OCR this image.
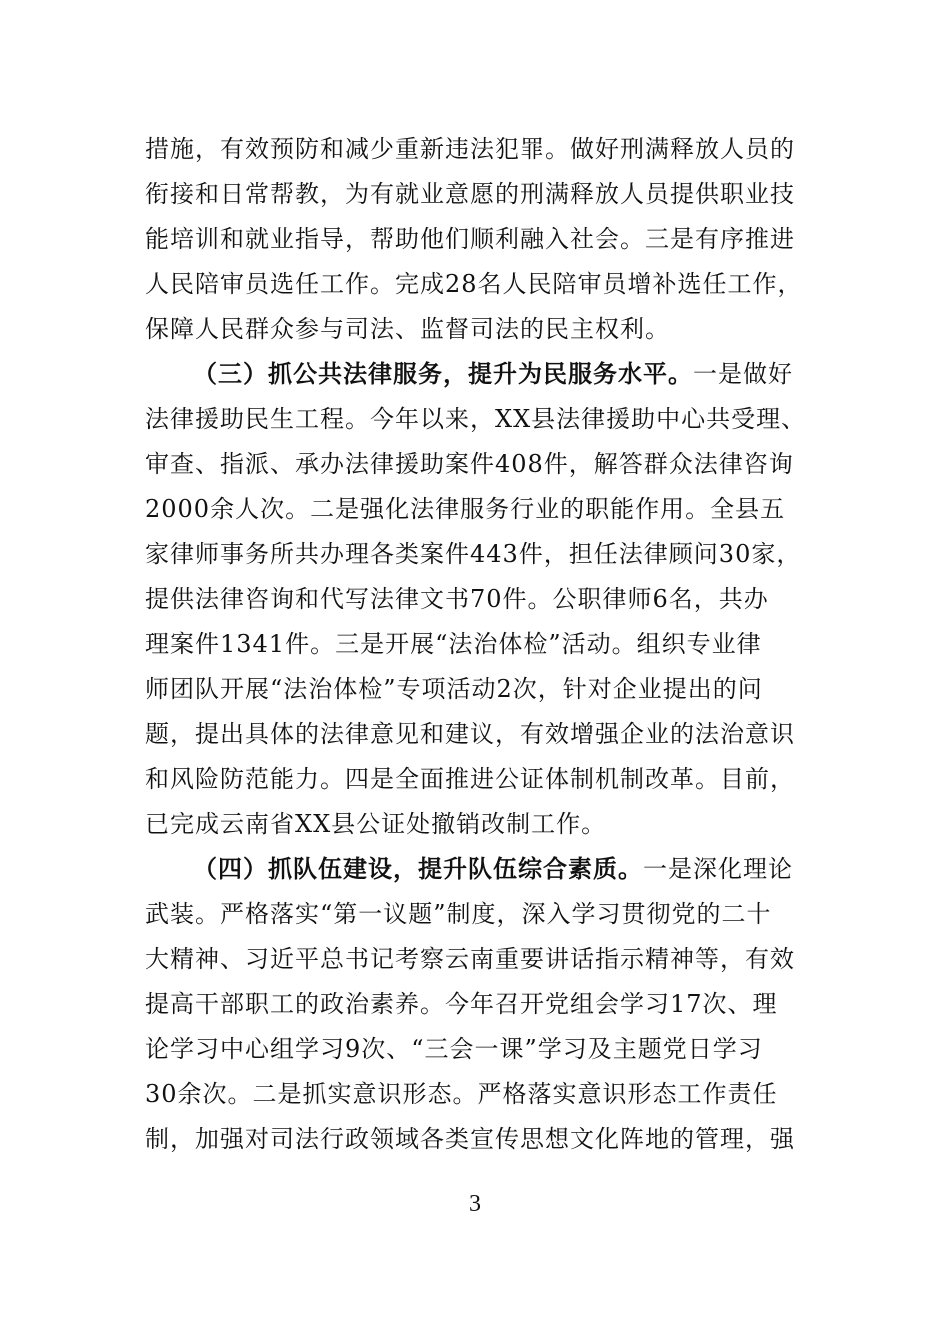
措施，有效预防和减少重新违法犯罪。做好刑满释放人员的
衔接和日常帮教，为有就业意愿的刑满释放人员提供职业技
能培训和就业指导，帮助他们顺利融入社会。三是有序推进
人民陪审员选任工作。完成28名人民陪审员增补选任工作，
保障人民群众参与司法、监督司法的民主权利。
（三）抓公共法律服务，提升为民服务水平。一是做好
法律援助民生工程。今年以来，XX县法律援助中心共受理、
审查、指派、承办法律援助案件408件，解答群众法律咨询
2000余人次。二是强化法律服务行业的职能作用。全县五
家律师事务所共办理各类案件443件，担任法律顾问30家，
提供法律咨询和代写法律文书70件。公职律师6名，共办
理案件1341件。三是开展“法治体检”活动。组织专业律
师团队开展“法治体检”专项活动2次，针对企业提出的问
题，提出具体的法律意见和建议，有效增强企业的法治意识
和风险防范能力。四是全面推进公证体制机制改革。目前，
已完成云南省XX县公证处撤销改制工作。
（四）抓队伍建设，提升队伍综合素质。一是深化理论
武装。严格落实“第一议题”制度，深入学习贯彻党的二十
大精神、习近平总书记考察云南重要讲话指示精神等，有效
提高干部职工的政治素养。今年召开党组会学习17次、理
论学习中心组学习9次、“三会一课”学习及主题党日学习
30余次。二是抓实意识形态。严格落实意识形态工作责任
制，加强对司法行政领域各类宣传思想文化阵地的管理，强
3
